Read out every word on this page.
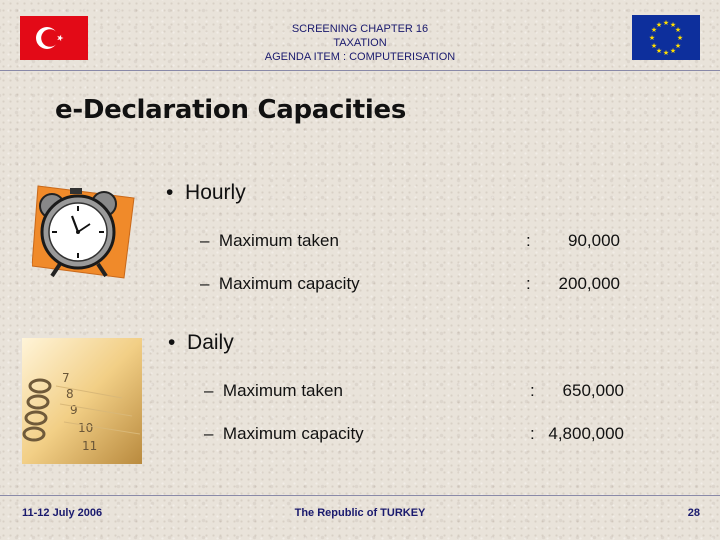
★ ★
★
★
★
★
★
★
★
★
★
★
SCREENING CHAPTER 16
TAXATION
AGENDA ITEM : COMPUTERISATION
e-Declaration Capacities
7
8
9
10
11
• Hourly
– Maximum taken	:	90,000
– Maximum capacity	:	200,000
• Daily
– Maximum taken	:	650,000
– Maximum capacity	: 4,800,000
11-12 July 2006	The Republic of TURKEY	28
